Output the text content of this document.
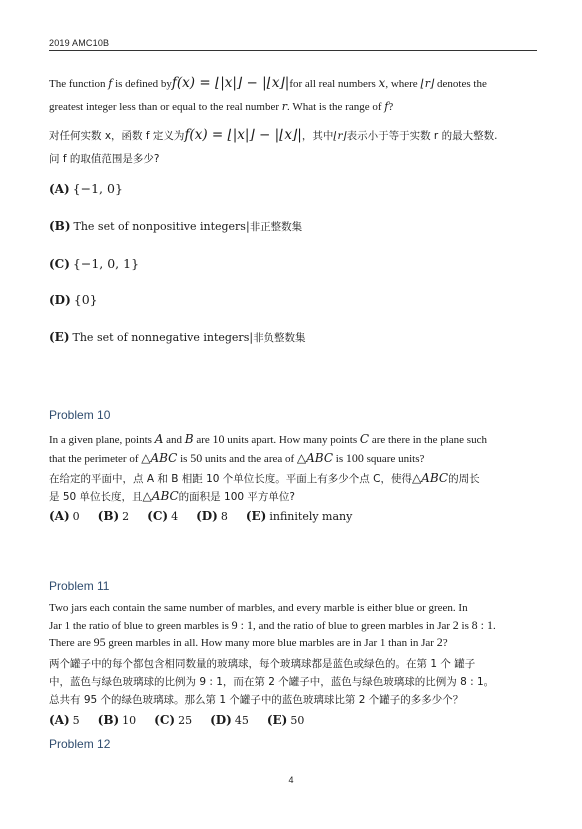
2019 AMC10B
The function f is defined byf(x) = ⌊|x|⌋ − |⌊x⌋|for all real numbers x, where ⌊r⌋ denotes the
greatest integer less than or equal to the real number r. What is the range of f?
对任何实数 x，函数 f 定义为f(x) = ⌊|x|⌋ − |⌊x⌋|，其中⌊r⌋表示小于等于实数 r 的最大整数.
问 f 的取值范围是多少?
(A) {−1, 0}
(B) The set of nonpositive integers|非正整数集
(C) {−1, 0, 1}
(D) {0}
(E) The set of nonnegative integers|非负整数集
Problem 10
In a given plane, points A and B are 10 units apart. How many points C are there in the plane such
that the perimeter of △ABC is 50 units and the area of △ABC is 100 square units?
在给定的平面中，点 A 和 B 相距 10 个单位长度。平面上有多少个点 C，使得△ABC的周长
是 50 单位长度，且△ABC的面积是 100 平方单位?
(A) 0 (B) 2 (C) 4 (D) 8 (E) infinitely many
Problem 11
Two jars each contain the same number of marbles, and every marble is either blue or green. In
Jar 1 the ratio of blue to green marbles is 9 : 1, and the ratio of blue to green marbles in Jar 2 is 8 : 1.
There are 95 green marbles in all. How many more blue marbles are in Jar 1 than in Jar 2?
两个罐子中的每个都包含相同数量的玻璃球，每个玻璃球都是蓝色或绿色的。在第 1 个 罐子
中，蓝色与绿色玻璃球的比例为 9 : 1，而在第 2 个罐子中，蓝色与绿色玻璃球的比例为 8 : 1。
总共有 95 个的绿色玻璃球。那么第 1 个罐子中的蓝色玻璃球比第 2 个罐子的多多少个？
(A) 5 (B) 10 (C) 25 (D) 45 (E) 50
Problem 12
4
